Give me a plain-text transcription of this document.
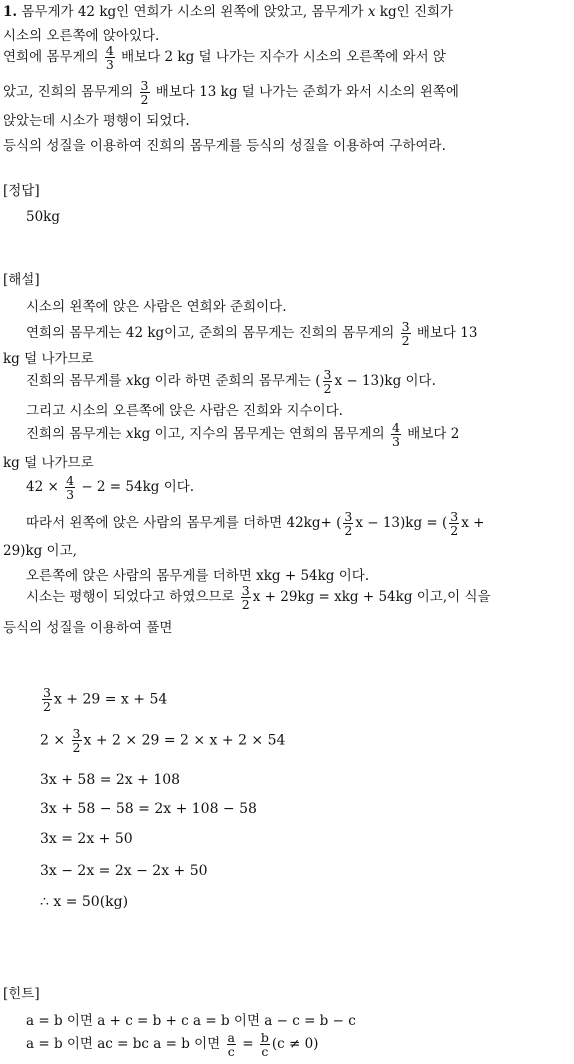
1. 몸무게가 42 kg인 연희가 시소의 왼쪽에 앉았고, 몸무게가 x kg인 진희가
시소의 오른쪽에 앉아있다.
연희에 몸무게의 $\frac{4}{3}$ 배보다 2 kg 덜 나가는 지수가 시소의 오른쪽에 와서 앉
았고, 진희의 몸무게의 $\frac{3}{2}$ 배보다 13 kg 덜 나가는 준희가 와서 시소의 왼쪽에
앉았는데 시소가 평행이 되었다.
등식의 성질을 이용하여 진희의 몸무게를 등식의 성질을 이용하여 구하여라.
[정답]
50kg
[해설]
시소의 왼쪽에 앉은 사람은 연희와 준희이다.
연희의 몸무게는 42 kg이고, 준희의 몸무게는 진희의 몸무게의 $\frac{3}{2}$ 배보다 13
kg 덜 나가므로
진희의 몸무게를 xkg 이라 하면 준희의 몸무게는 ( $\frac{3}{2}$ x − 13)kg 이다.
그리고 시소의 오른쪽에 앉은 사람은 진희와 지수이다.
진희의 몸무게는 xkg 이고, 지수의 몸무게는 연희의 몸무게의 $\frac{4}{3}$ 배보다 2
kg 덜 나가므로
$42 \times \frac{4}{3} - 2 = 54kg$ 이다.
따라서 왼쪽에 앉은 사람의 몸무게를 더하면 42kg+ ( $\frac{3}{2}$ x − 13)kg = ( $\frac{3}{2}$ x +
29)kg 이고,
오른쪽에 앉은 사람의 몸무게를 더하면 xkg + 54kg 이다.
시소는 평행이 되었다고 하였으므로 $\frac{3}{2}$ x + 29kg = xkg + 54kg 이고,이 식을
등식의 성질을 이용하여 풀면
$\frac{3}{2}$ x + 29 = x + 54
$2 \times \frac{3}{2}$ x + 2 × 29 = 2 × x + 2 × 54
3x + 58 = 2x + 108
3x + 58 − 58 = 2x + 108 − 58
3x = 2x + 50
3x − 2x = 2x − 2x + 50
∴ x = 50(kg)
[힌트]
a = b 이면 a + c = b + c a = b 이면 a − c = b − c
a = b 이면 ac = bc a = b 이면 $\frac{a}{c} = \frac{b}{c} (c \ne 0)$
